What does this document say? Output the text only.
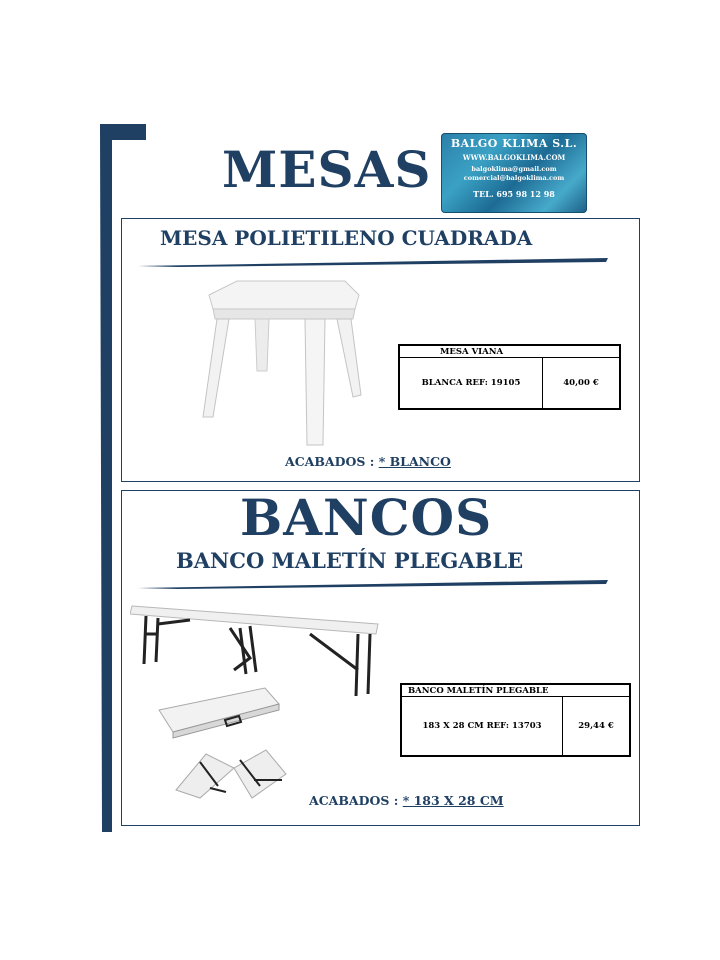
MESAS	BALGO KLIMA S.L.
WWW.BALGOKLIMA.COM
balgoklima@gmail.com
comercial@balgoklima.com
TEL. 695 98 12 98
MESA POLIETILENO CUADRADA
MESA VIANA
BLANCA REF: 19105	40,00 €
ACABADOS : * BLANCO
BANCOS
BANCO MALETÍN PLEGABLE
BANCO MALETÍN PLEGABLE
183 X 28 CM REF: 13703	29,44 €
ACABADOS : * 183 X 28 CM
